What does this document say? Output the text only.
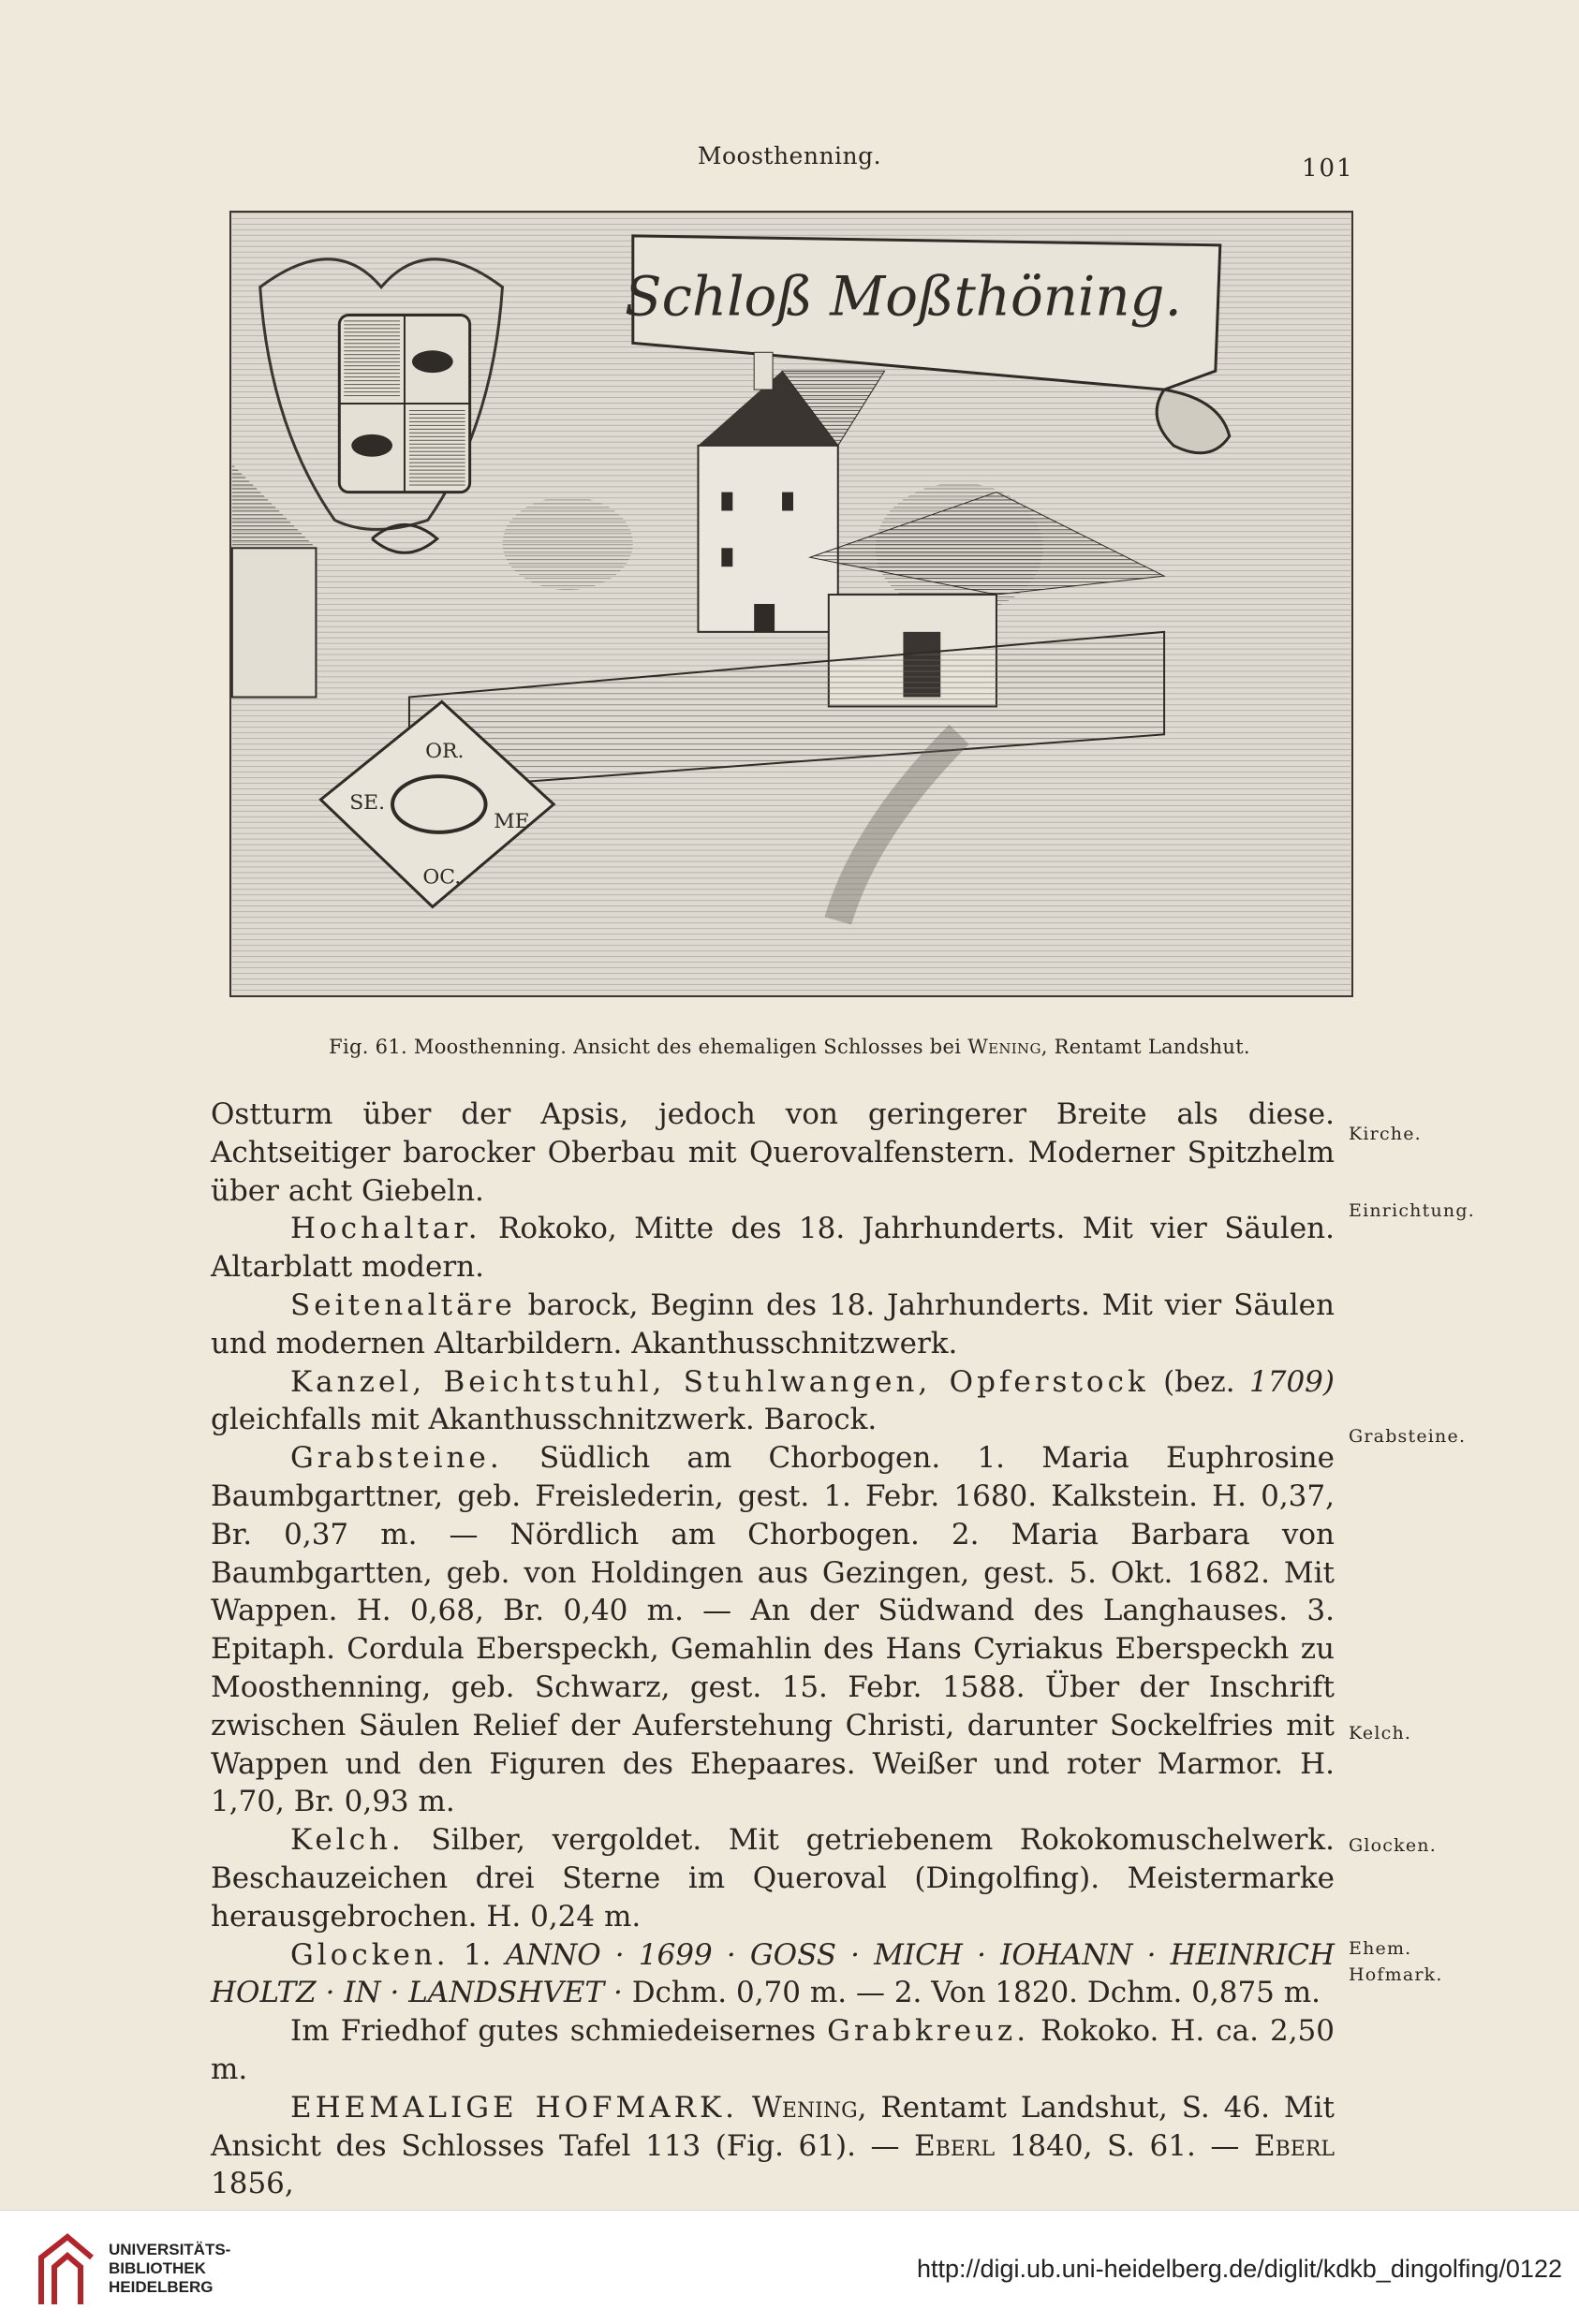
Moosthenning.	101
Schloß Moßthöning.
OR.
SE.
ME
OC.
Fig. 61. Moosthenning. Ansicht des ehemaligen Schlosses bei Wening, Rentamt Landshut.

Ostturm über der Apsis, jedoch von geringerer Breite als diese. Achtseitiger barocker Oberbau mit Querovalfenstern. Moderner Spitzhelm über acht Giebeln.

Hochaltar. Rokoko, Mitte des 18. Jahrhunderts. Mit vier Säulen. Altarblatt modern.

Seitenaltäre barock, Beginn des 18. Jahrhunderts. Mit vier Säulen und modernen Altarbildern. Akanthusschnitzwerk.

Kanzel, Beichtstuhl, Stuhlwangen, Opferstock (bez. 1709) gleichfalls mit Akanthusschnitzwerk. Barock.

Grabsteine. Südlich am Chorbogen. 1. Maria Euphrosine Baumbgarttner, geb. Freislederin, gest. 1. Febr. 1680. Kalkstein. H. 0,37, Br. 0,37 m. — Nördlich am Chorbogen. 2. Maria Barbara von Baumbgartten, geb. von Holdingen aus Gezingen, gest. 5. Okt. 1682. Mit Wappen. H. 0,68, Br. 0,40 m. — An der Südwand des Langhauses. 3. Epitaph. Cordula Eberspeckh, Gemahlin des Hans Cyriakus Eberspeckh zu Moosthenning, geb. Schwarz, gest. 15. Febr. 1588. Über der Inschrift zwischen Säulen Relief der Auferstehung Christi, darunter Sockelfries mit Wappen und den Figuren des Ehepaares. Weißer und roter Marmor. H. 1,70, Br. 0,93 m.

Kelch. Silber, vergoldet. Mit getriebenem Rokokomuschelwerk. Beschauzeichen drei Sterne im Queroval (Dingolfing). Meistermarke herausgebrochen. H. 0,24 m.

Glocken. 1. ANNO · 1699 · GOSS · MICH · IOHANN · HEINRICH HOLTZ · IN · LANDSHVET · Dchm. 0,70 m. — 2. Von 1820. Dchm. 0,875 m.

Im Friedhof gutes schmiedeisernes Grabkreuz. Rokoko. H. ca. 2,50 m.

EHEMALIGE HOFMARK. Wening, Rentamt Landshut, S. 46. Mit Ansicht des Schlosses Tafel 113 (Fig. 61). — Eberl 1840, S. 61. — Eberl 1856,

Kirche.
Einrichtung.
Grabsteine.
Kelch.
Glocken.
Ehem.
Hofmark.
UNIVERSITÄTS-
BIBLIOTHEK
HEIDELBERG
http://digi.ub.uni-heidelberg.de/diglit/kdkb_dingolfing/0122
